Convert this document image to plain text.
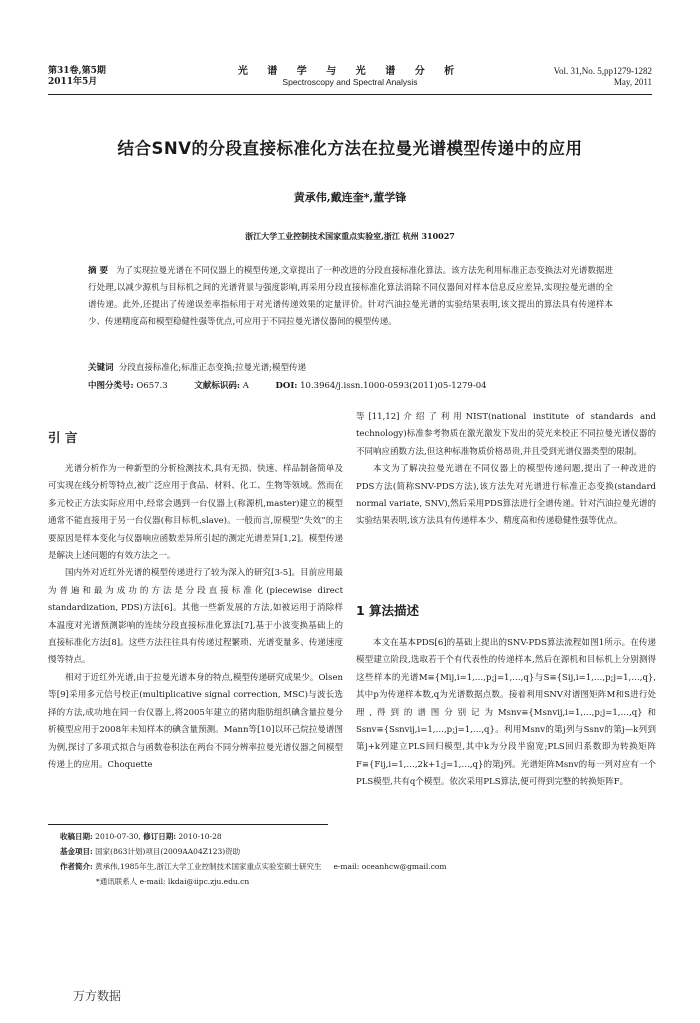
第31卷,第5期
2011年5月
光 谱 学 与 光 谱 分 析
Spectroscopy and Spectral Analysis
Vol. 31,No. 5,pp1279-1282
May, 2011
结合SNV的分段直接标准化方法在拉曼光谱模型传递中的应用
黄承伟,戴连奎*,董学锋
浙江大学工业控制技术国家重点实验室,浙江 杭州 310027
摘 要 为了实现拉曼光谱在不同仪器上的模型传递,文章提出了一种改进的分段直接标准化算法。该方法先利用标准正态变换法对光谱数据进行处理,以减少源机与目标机之间的光谱背景与强度影响,再采用分段直接标准化算法消除不同仪器间对样本信息反应差异,实现拉曼光谱的全谱传递。此外,还提出了传递误差率指标用于对光谱传递效果的定量评价。针对汽油拉曼光谱的实验结果表明,该文提出的算法具有传递样本少、传递精度高和模型稳健性强等优点,可应用于不同拉曼光谱仪器间的模型传递。
关键词 分段直接标准化;标准正态变换;拉曼光谱;模型传递
中图分类号: O657.3	文献标识码: A	DOI: 10.3964/j.issn.1000-0593(2011)05-1279-04
引 言

光谱分析作为一种新型的分析检测技术,具有无损、快速、样品制备简单及可实现在线分析等特点,被广泛应用于食品、材料、化工、生物等领域。然而在多元校正方法实际应用中,经常会遇到一台仪器上(称源机,master)建立的模型通常不能直接用于另一台仪器(称目标机,slave)。一般而言,原模型“失效”的主要原因是样本变化与仪器响应函数差异所引起的测定光谱差异[1,2]。模型传递是解决上述问题的有效方法之一。

国内外对近红外光谱的模型传递进行了较为深入的研究[3-5]。目前应用最为普遍和最为成功的方法是分段直接标准化(piecewise direct standardization, PDS)方法[6]。其他一些新发展的方法,如被运用于消除样本温度对光谱预测影响的连续分段直接标准化算法[7],基于小波变换基础上的直接标准化方法[8]。这些方法往往具有传递过程繁琐、光谱变量多、传递速度慢等特点。

相对于近红外光谱,由于拉曼光谱本身的特点,模型传递研究成果少。Olsen等[9]采用多元信号校正(multiplicative signal correction, MSC)与波长选择的方法,成功地在同一台仪器上,将2005年建立的猪肉脂肪组织碘含量拉曼分析模型应用于2008年未知样本的碘含量预测。Mann等[10]以环己烷拉曼谱图为例,探讨了多项式拟合与函数卷积法在两台不同分辨率拉曼光谱仪器之间模型传递上的应用。Choquette

等[11,12]介绍了利用NIST(national institute of standards and technology)标准参考物质在激光激发下发出的荧光来校正不同拉曼光谱仪器的不同响应函数方法,但这种标准物质价格昂贵,并且受到光谱仪器类型的限制。

本文为了解决拉曼光谱在不同仪器上的模型传递问题,提出了一种改进的PDS方法(简称SNV-PDS方法),该方法先对光谱进行标准正态变换(standard normal variate, SNV),然后采用PDS算法进行全谱传递。针对汽油拉曼光谱的实验结果表明,该方法具有传递样本少、精度高和传递稳健性强等优点。

1 算法描述

本文在基本PDS[6]的基础上提出的SNV-PDS算法流程如图1所示。在传递模型建立阶段,选取若干个有代表性的传递样本,然后在源机和目标机上分别测得这些样本的光谱M≡{Mij,i=1,…,p;j=1,…,q}与S≡{Sij,i=1,…,p;j=1,…,q},其中p为传递样本数,q为光谱数据点数。接着利用SNV对谱图矩阵M和S进行处理,得到的谱图分别记为Msnv≡{Msnvij,i=1,…,p;j=1,…,q}和Ssnv≡{Ssnvij,i=1,…,p;j=1,…,q}。利用Msnv的第j列与Ssnv的第j—k列到第j+k列建立PLS回归模型,其中k为分段半窗宽;PLS回归系数即为转换矩阵F≡{Fij,i=1,…,2k+1;j=1,…,q}的第j列。光谱矩阵Msnv的每一列对应有一个PLS模型,共有q个模型。依次采用PLS算法,便可得到完整的转换矩阵F。

收稿日期: 2010-07-30, 修订日期: 2010-10-28
基金项目: 国家(863计划)项目(2009AA04Z123)资助
作者简介: 黄承伟,1985年生,浙江大学工业控制技术国家重点实验室硕士研究生 e-mail: oceanhcw@gmail.com
*通讯联系人 e-mail: lkdai@iipc.zju.edu.cn
万方数据
